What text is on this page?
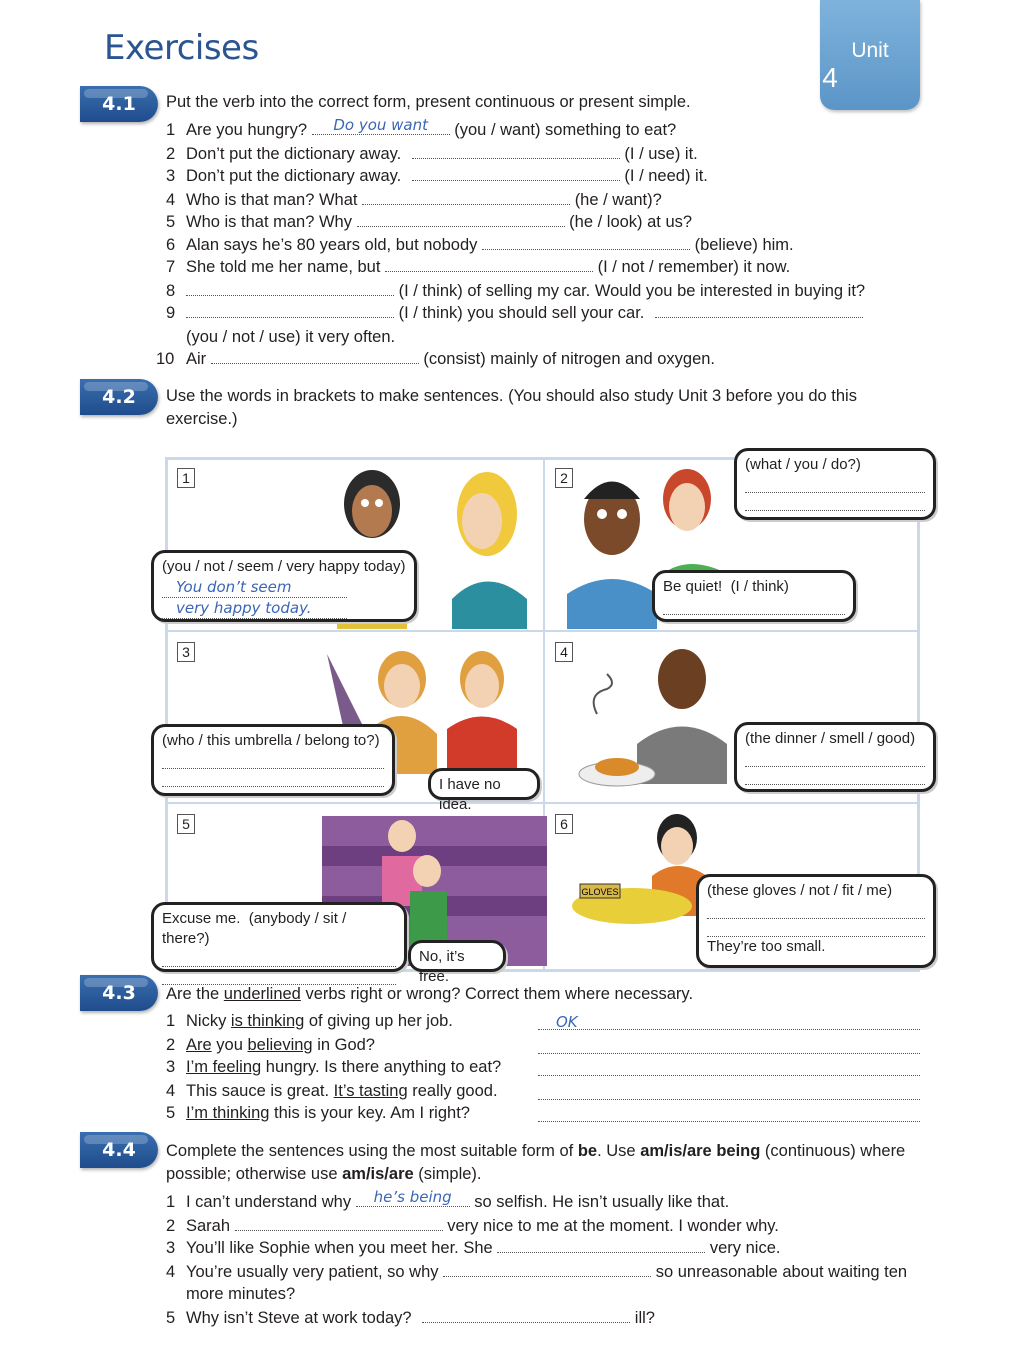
Exercises	Unit
4
4.1	Put the verb into the correct form, present continuous or present simple.
1 Are you hungry?	Do you want	(you / want) something to eat?
2 Don’t put the dictionary away.	(I / use) it.
3 Don’t put the dictionary away.	(I / need) it.
4 Who is that man? What	(he / want)?
5 Who is that man? Why	(he / look) at us?
6 Alan says he’s 80 years old, but nobody	(believe) him.
7 She told me her name, but	(I / not / remember) it now.
8	(I / think) of selling my car. Would you be interested in buying it?
9	(I / think) you should sell your car.
(you / not / use) it very often.
10 Air	(consist) mainly of nitrogen and oxygen.
4.2	Use the words in brackets to make sentences. (You should also study Unit 3 before you do this exercise.)
GLOVES
1	2
3	4
5	6
(you / not / seem / very happy today)
You don’t seem
very happy today.
(what / you / do?)
Be quiet! (I / think)
(who / this umbrella / belong to?)
I have no idea.
(the dinner / smell / good)
Excuse me. (anybody / sit / there?)
No, it’s free.
(these gloves / not / fit / me)
They’re too small.
4.3	Are the underlined verbs right or wrong? Correct them where necessary.
1 Nicky is thinking of giving up her job.	OK
2 Are you believing in God?
3 I’m feeling hungry. Is there anything to eat?
4 This sauce is great. It’s tasting really good.
5 I’m thinking this is your key. Am I right?
4.4	Complete the sentences using the most suitable form of be. Use am/is/are being (continuous) where possible; otherwise use am/is/are (simple).
1 I can’t understand why	he’s being	so selfish. He isn’t usually like that.
2 Sarah	very nice to me at the moment. I wonder why.
3 You’ll like Sophie when you meet her. She	very nice.
4 You’re usually very patient, so why	so unreasonable about waiting ten
more minutes?
5 Why isn’t Steve at work today?	ill?
